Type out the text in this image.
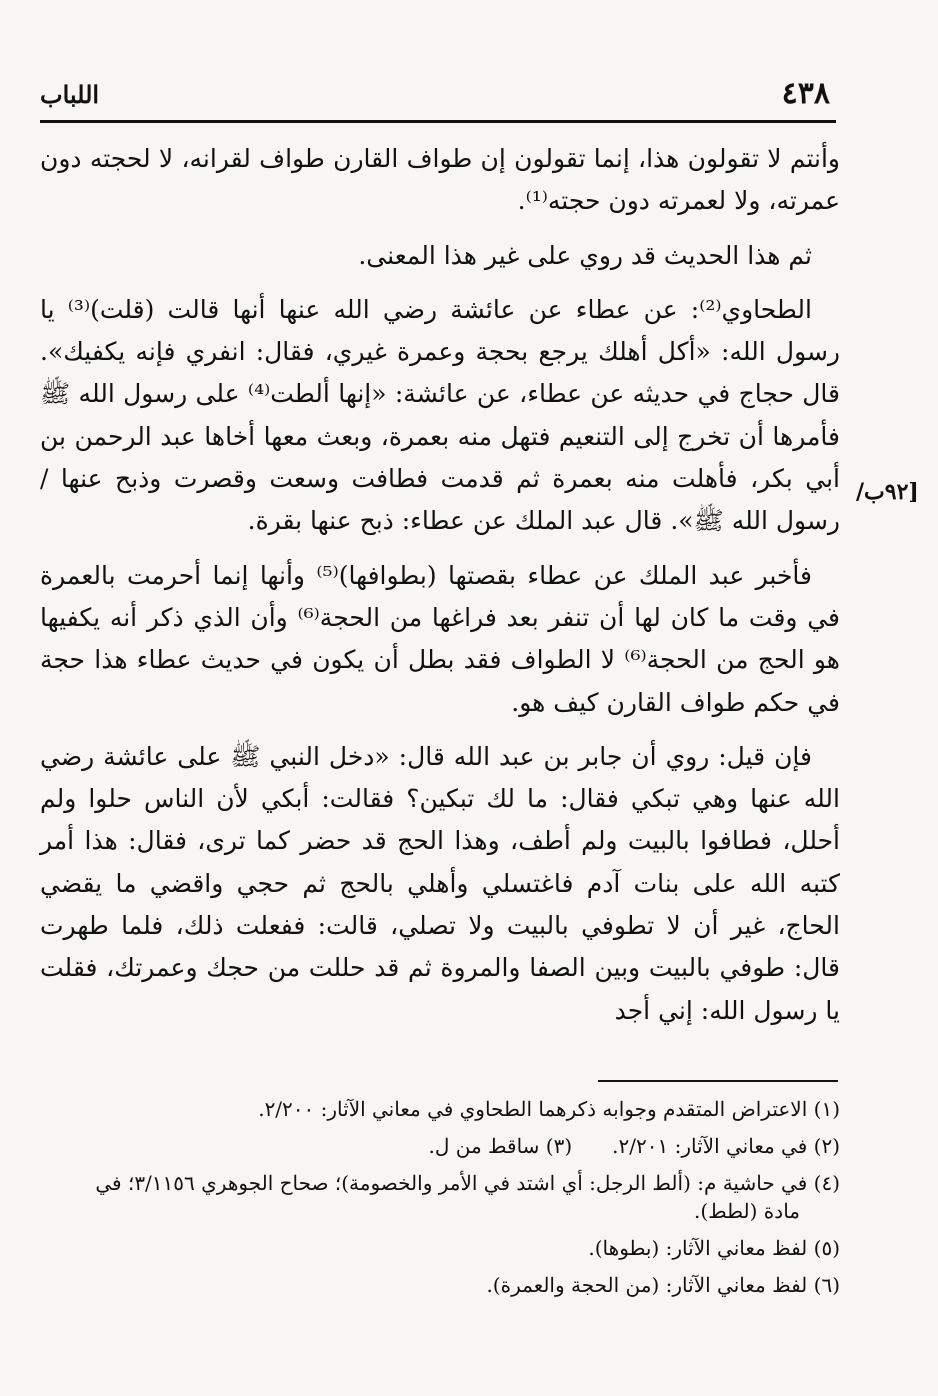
٤٣٨
اللباب
/٩٢ب]

وأنتم لا تقولون هذا، إنما تقولون إن طواف القارن طواف لقرانه، لا لحجته دون عمرته، ولا لعمرته دون حجته⁽¹⁾.

ثم هذا الحديث قد روي على غير هذا المعنى.

الطحاوي⁽²⁾: عن عطاء عن عائشة رضي الله عنها أنها قالت (قلت)⁽³⁾ يا رسول الله: «أكل أهلك يرجع بحجة وعمرة غيري، فقال: انفري فإنه يكفيك». قال حجاج في حديثه عن عطاء، عن عائشة: «إنها ألطت⁽⁴⁾ على رسول الله ﷺ فأمرها أن تخرج إلى التنعيم فتهل منه بعمرة، وبعث معها أخاها عبد الرحمن بن أبي بكر، فأهلت منه بعمرة ثم قدمت فطافت وسعت وقصرت وذبح عنها / رسول الله ﷺ». قال عبد الملك عن عطاء: ذبح عنها بقرة.

فأخبر عبد الملك عن عطاء بقصتها (بطوافها)⁽⁵⁾ وأنها إنما أحرمت بالعمرة في وقت ما كان لها أن تنفر بعد فراغها من الحجة⁽⁶⁾ وأن الذي ذكر أنه يكفيها هو الحج من الحجة⁽⁶⁾ لا الطواف فقد بطل أن يكون في حديث عطاء هذا حجة في حكم طواف القارن كيف هو.

فإن قيل: روي أن جابر بن عبد الله قال: «دخل النبي ﷺ على عائشة رضي الله عنها وهي تبكي فقال: ما لك تبكين؟ فقالت: أبكي لأن الناس حلوا ولم أحلل، فطافوا بالبيت ولم أطف، وهذا الحج قد حضر كما ترى، فقال: هذا أمر كتبه الله على بنات آدم فاغتسلي وأهلي بالحج ثم حجي واقضي ما يقضي الحاج، غير أن لا تطوفي بالبيت ولا تصلي، قالت: ففعلت ذلك، فلما طهرت قال: طوفي بالبيت وبين الصفا والمروة ثم قد حللت من حجك وعمرتك، فقلت يا رسول الله: إني أجد

(١) الاعتراض المتقدم وجوابه ذكرهما الطحاوي في معاني الآثار: ٢/٢٠٠.
(٢) في معاني الآثار: ٢/٢٠١.
(٣) ساقط من ل.
(٤) في حاشية م: (ألط الرجل: أي اشتد في الأمر والخصومة)؛ صحاح الجوهري ٣/١١٥٦؛ في
مادة (لطط).
(٥) لفظ معاني الآثار: (بطوها).
(٦) لفظ معاني الآثار: (من الحجة والعمرة).
